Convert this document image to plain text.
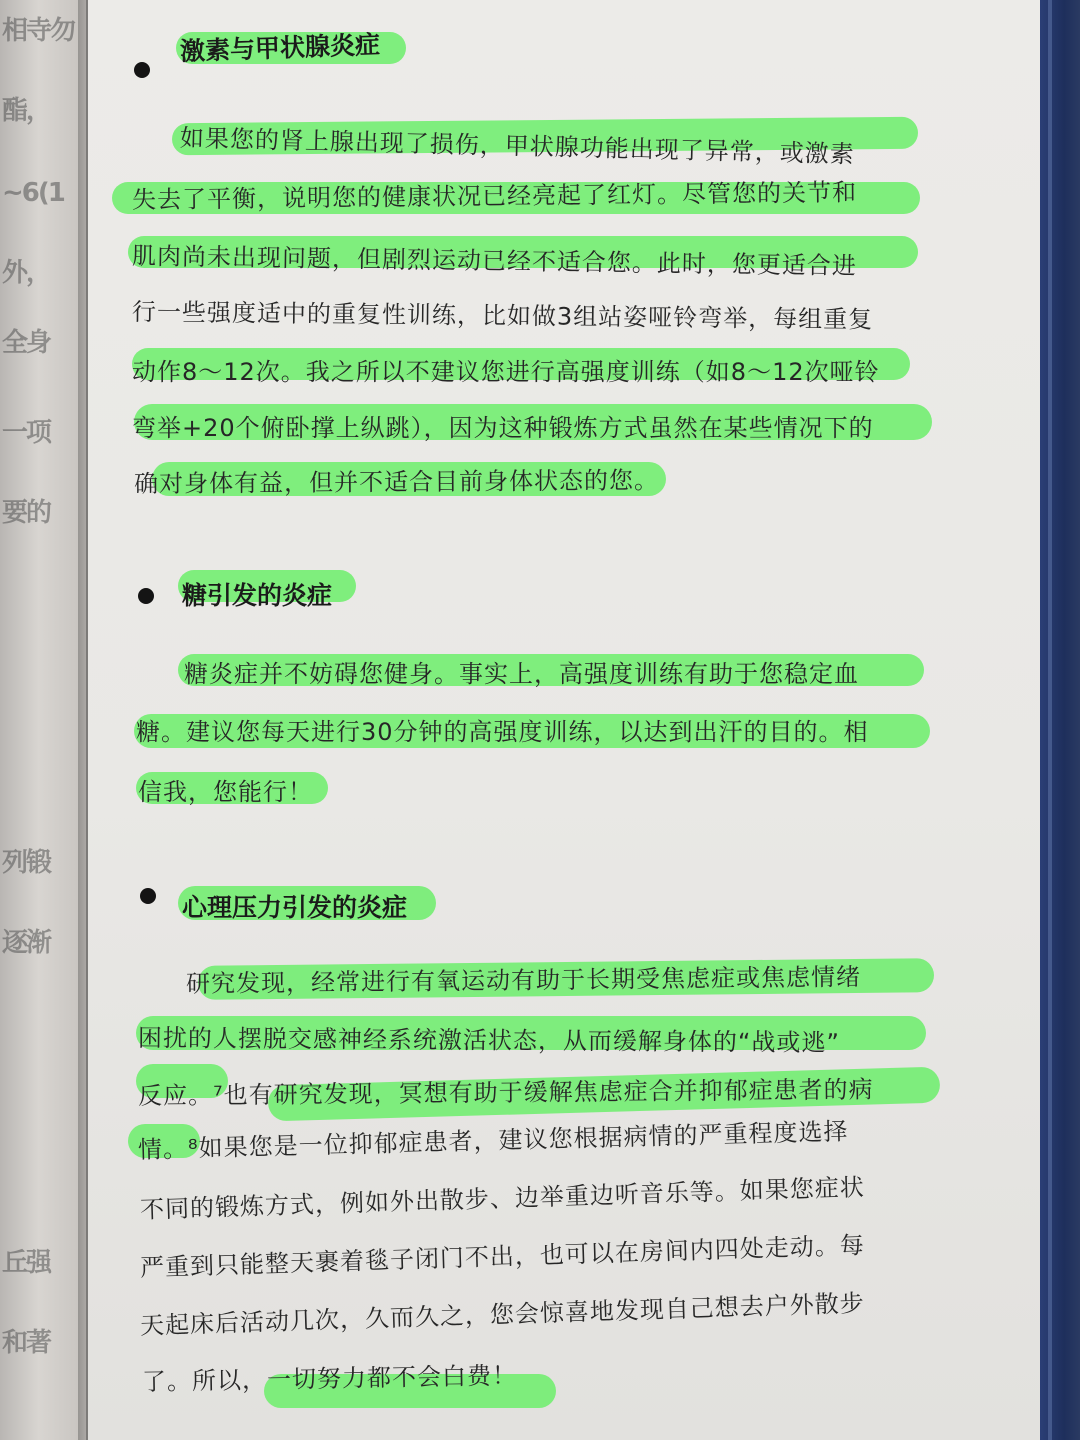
相寺勿
酯，
~6(1
外，
全身
一项
要的
列锻
逐渐
丘强
和著
激素与甲状腺炎症
如果您的肾上腺出现了损伤，甲状腺功能出现了异常，或激素
失去了平衡，说明您的健康状况已经亮起了红灯。尽管您的关节和
肌肉尚未出现问题，但剧烈运动已经不适合您。此时，您更适合进
行一些强度适中的重复性训练，比如做3组站姿哑铃弯举，每组重复
动作8～12次。我之所以不建议您进行高强度训练（如8～12次哑铃
弯举+20个俯卧撑上纵跳），因为这种锻炼方式虽然在某些情况下的
确对身体有益，但并不适合目前身体状态的您。
糖引发的炎症
糖炎症并不妨碍您健身。事实上，高强度训练有助于您稳定血
糖。建议您每天进行30分钟的高强度训练，以达到出汗的目的。相
信我，您能行！
心理压力引发的炎症
研究发现，经常进行有氧运动有助于长期受焦虑症或焦虑情绪
困扰的人摆脱交感神经系统激活状态，从而缓解身体的“战或逃”
反应。⁷也有研究发现，冥想有助于缓解焦虑症合并抑郁症患者的病
情。⁸如果您是一位抑郁症患者，建议您根据病情的严重程度选择
不同的锻炼方式，例如外出散步、边举重边听音乐等。如果您症状
严重到只能整天裹着毯子闭门不出，也可以在房间内四处走动。每
天起床后活动几次，久而久之，您会惊喜地发现自己想去户外散步
了。所以，一切努力都不会白费！
